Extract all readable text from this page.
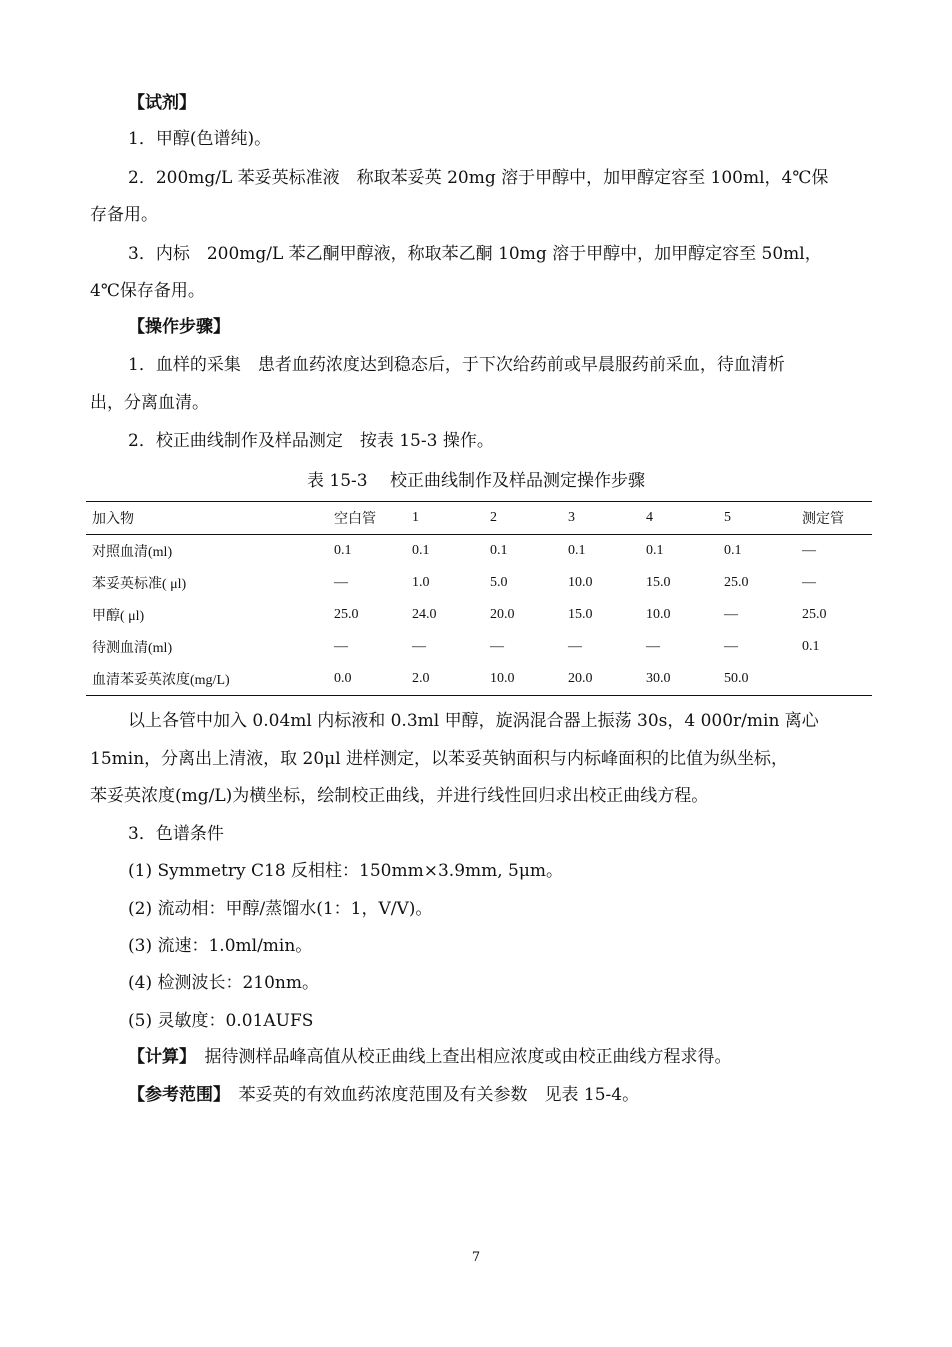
【试剂】
1．甲醇(色谱纯)。
2．200mg/L 苯妥英标准液　称取苯妥英 20mg 溶于甲醇中，加甲醇定容至 100ml，4℃保
存备用。
3．内标　200mg/L 苯乙酮甲醇液，称取苯乙酮 10mg 溶于甲醇中，加甲醇定容至 50ml，
4℃保存备用。
【操作步骤】
1．血样的采集　患者血药浓度达到稳态后，于下次给药前或早晨服药前采血，待血清析
出，分离血清。
2．校正曲线制作及样品测定　按表 15-3 操作。
表 15-3　 校正曲线制作及样品测定操作步骤
加入物	空白管	1	2	3	4	5	测定管
对照血清(ml)	0.1	0.1	0.1	0.1	0.1	0.1	—
苯妥英标准( μl)	—	1.0	5.0	10.0	15.0	25.0	—
甲醇( μl)	25.0	24.0	20.0	15.0	10.0	—	25.0
待测血清(ml)	—	—	—	—	—	—	0.1
血清苯妥英浓度(mg/L)	0.0	2.0	10.0	20.0	30.0	50.0	
以上各管中加入 0.04ml 内标液和 0.3ml 甲醇，旋涡混合器上振荡 30s，4 000r/min 离心
15min，分离出上清液，取 20μl 进样测定，以苯妥英钠面积与内标峰面积的比值为纵坐标，
苯妥英浓度(mg/L)为横坐标，绘制校正曲线，并进行线性回归求出校正曲线方程。
3．色谱条件
(1) Symmetry C18 反相柱：150mm×3.9mm, 5μm。
(2) 流动相：甲醇/蒸馏水(1：1，V/V)。
(3) 流速：1.0ml/min。
(4) 检测波长：210nm。
(5) 灵敏度：0.01AUFS
【计算】　据待测样品峰高值从校正曲线上查出相应浓度或由校正曲线方程求得。
【参考范围】　苯妥英的有效血药浓度范围及有关参数　见表 15-4。
7
